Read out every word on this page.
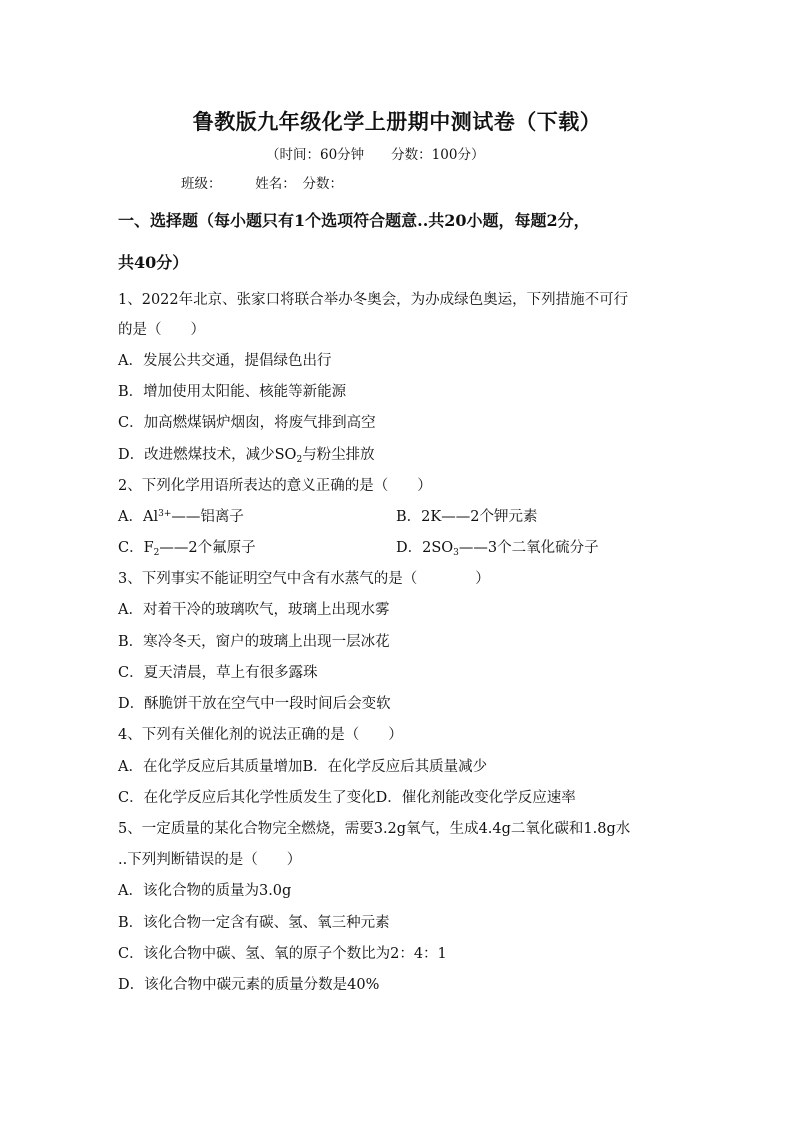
鲁教版九年级化学上册期中测试卷（下载）
（时间：60分钟　　分数：100分）
班级：　　　姓名：　分数：
一、选择题（每小题只有1个选项符合题意..共20小题，每题2分，
共40分）
1、2022年北京、张家口将联合举办冬奥会，为办成绿色奥运，下列措施不可行
的是（　　）
A．发展公共交通，提倡绿色出行
B．增加使用太阳能、核能等新能源
C．加高燃煤锅炉烟囱，将废气排到高空
D．改进燃煤技术，减少$SO_2$与粉尘排放
2、下列化学用语所表达的意义正确的是（　　）
A．$Al^{3+}——$铝离子	B．2K——2个钾元素
C．$F_2——2$个氟原子	D．$2SO_3——3$个二氧化硫分子
3、下列事实不能证明空气中含有水蒸气的是（　　　　）
A．对着干冷的玻璃吹气，玻璃上出现水雾
B．寒冷冬天，窗户的玻璃上出现一层冰花
C．夏天清晨，草上有很多露珠
D．酥脆饼干放在空气中一段时间后会变软
4、下列有关催化剂的说法正确的是（　　）
A．在化学反应后其质量增加B．在化学反应后其质量减少
C．在化学反应后其化学性质发生了变化D．催化剂能改变化学反应速率
5、一定质量的某化合物完全燃烧，需要3.2g氧气，生成4.4g二氧化碳和1.8g水
..下列判断错误的是（　　）
A．该化合物的质量为3.0g
B．该化合物一定含有碳、氢、氧三种元素
C．该化合物中碳、氢、氧的原子个数比为2：4：1
D．该化合物中碳元素的质量分数是40%
